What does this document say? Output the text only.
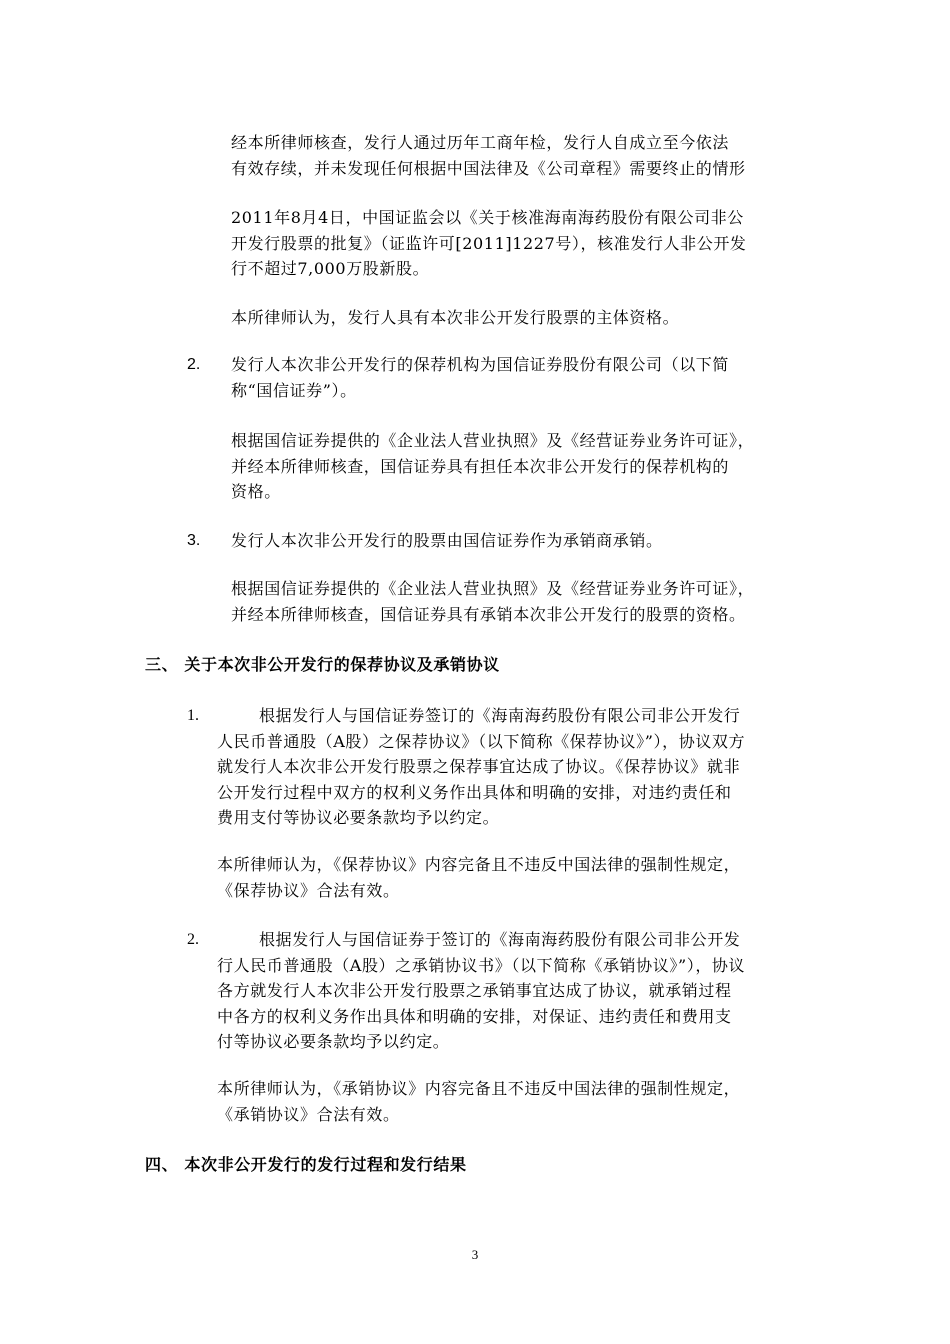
经本所律师核查，发行人通过历年工商年检，发行人自成立至今依法
有效存续，并未发现任何根据中国法律及《公司章程》需要终止的情形

2011年8月4日，中国证监会以《关于核准海南海药股份有限公司非公
开发行股票的批复》（证监许可[2011]1227号），核准发行人非公开发
行不超过7,000万股新股。

本所律师认为，发行人具有本次非公开发行股票的主体资格。

2. 发行人本次非公开发行的保荐机构为国信证券股份有限公司（以下简
称“国信证券”）。

根据国信证券提供的《企业法人营业执照》及《经营证券业务许可证》，
并经本所律师核查，国信证券具有担任本次非公开发行的保荐机构的
资格。

3. 发行人本次非公开发行的股票由国信证券作为承销商承销。

根据国信证券提供的《企业法人营业执照》及《经营证券业务许可证》，
并经本所律师核查，国信证券具有承销本次非公开发行的股票的资格。

三、 关于本次非公开发行的保荐协议及承销协议
1.	根据发行人与国信证券签订的《海南海药股份有限公司非公开发行
人民币普通股（A股）之保荐协议》（以下简称《保荐协议》”），协议双方
就发行人本次非公开发行股票之保荐事宜达成了协议。《保荐协议》就非
公开发行过程中双方的权利义务作出具体和明确的安排，对违约责任和
费用支付等协议必要条款均予以约定。

本所律师认为，《保荐协议》内容完备且不违反中国法律的强制性规定，
《保荐协议》合法有效。

2.	根据发行人与国信证券于签订的《海南海药股份有限公司非公开发
行人民币普通股（A股）之承销协议书》（以下简称《承销协议》”），协议
各方就发行人本次非公开发行股票之承销事宜达成了协议，就承销过程
中各方的权利义务作出具体和明确的安排，对保证、违约责任和费用支
付等协议必要条款均予以约定。

本所律师认为，《承销协议》内容完备且不违反中国法律的强制性规定，
《承销协议》合法有效。

四、 本次非公开发行的发行过程和发行结果
3
